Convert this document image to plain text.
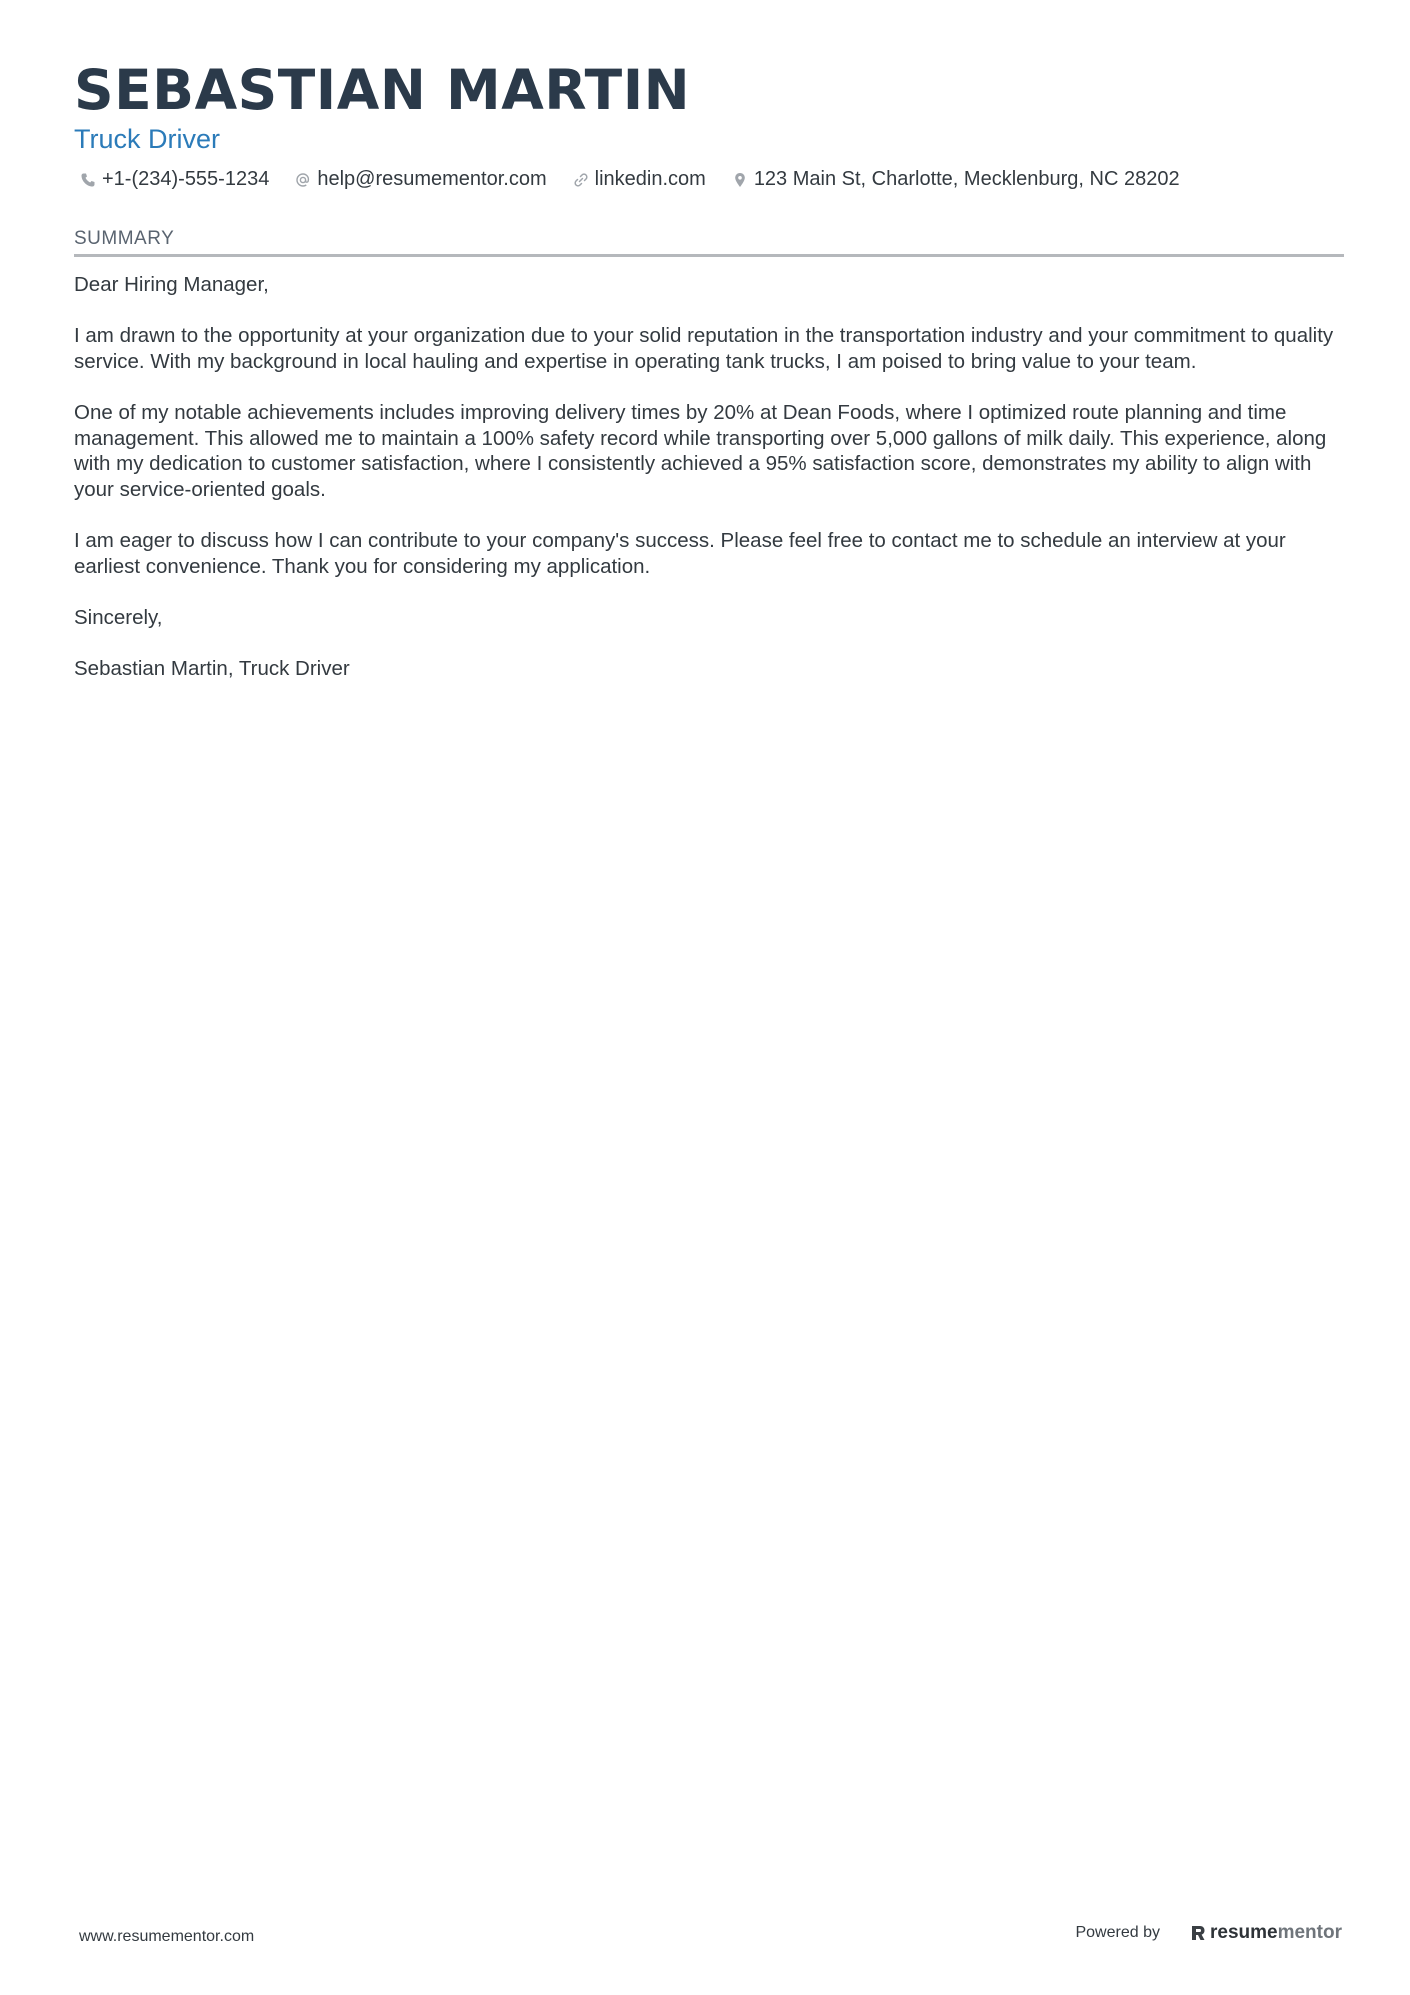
SEBASTIAN MARTIN
Truck Driver
+1-(234)-555-1234 help@resumementor.com linkedin.com 123 Main St, Charlotte, Mecklenburg, NC 28202
SUMMARY

Dear Hiring Manager,

I am drawn to the opportunity at your organization due to your solid reputation in the transportation industry and your commitment to quality service. With my background in local hauling and expertise in operating tank trucks, I am poised to bring value to your team.

One of my notable achievements includes improving delivery times by 20% at Dean Foods, where I optimized route planning and time management. This allowed me to maintain a 100% safety record while transporting over 5,000 gallons of milk daily. This experience, along with my dedication to customer satisfaction, where I consistently achieved a 95% satisfaction score, demonstrates my ability to align with your service-oriented goals.

I am eager to discuss how I can contribute to your company's success. Please feel free to contact me to schedule an interview at your earliest convenience. Thank you for considering my application.

Sincerely,

Sebastian Martin, Truck Driver

www.resumementor.com	Powered by	resume mentor
